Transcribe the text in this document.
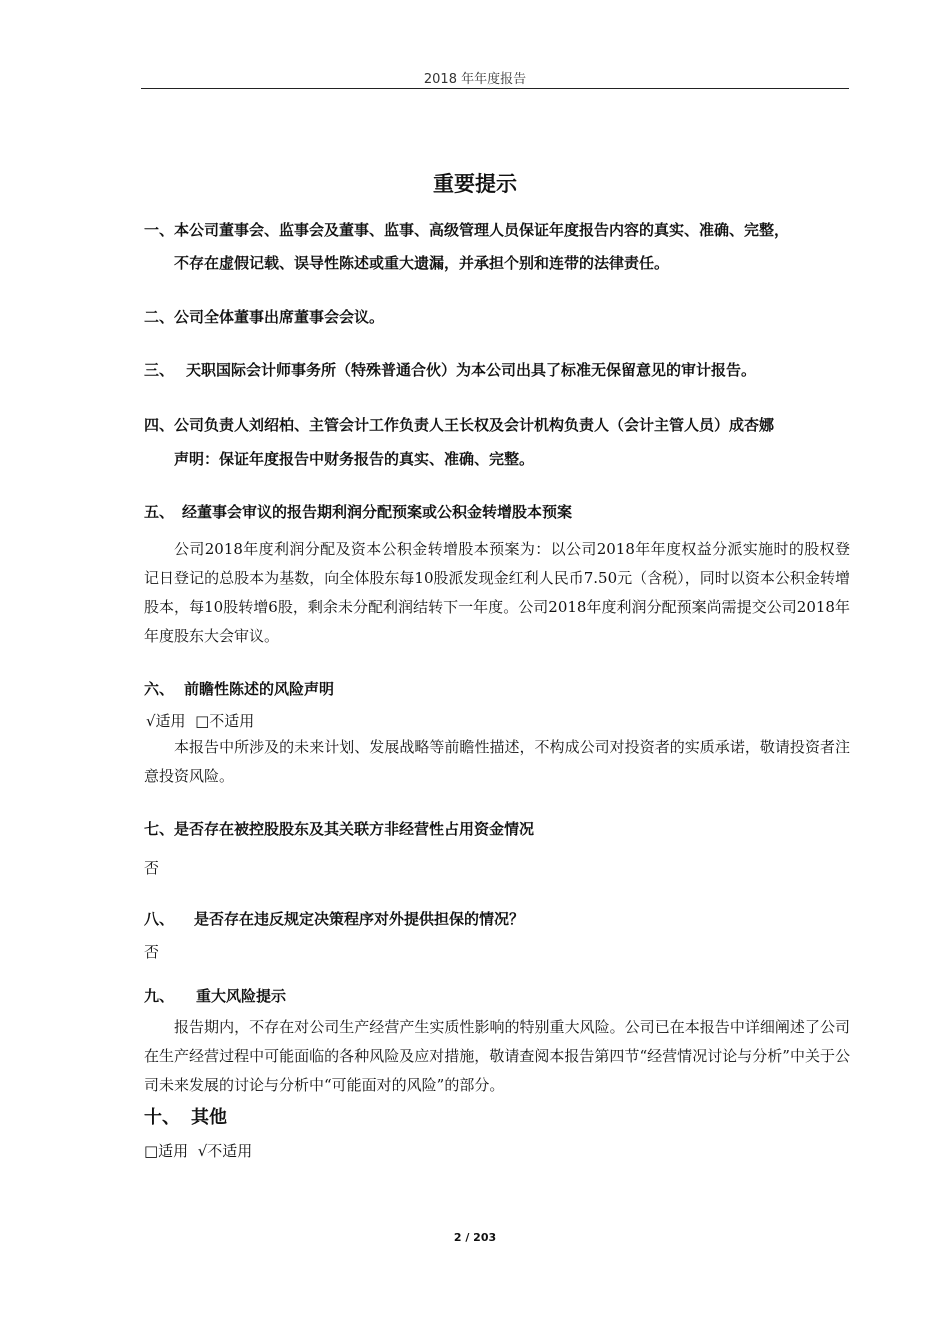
2018 年年度报告
重要提示
一、本公司董事会、监事会及董事、监事、高级管理人员保证年度报告内容的真实、准确、完整，
不存在虚假记载、误导性陈述或重大遗漏，并承担个别和连带的法律责任。
二、公司全体董事出席董事会会议。
三、 天职国际会计师事务所（特殊普通合伙）为本公司出具了标准无保留意见的审计报告。
四、公司负责人刘绍柏、主管会计工作负责人王长权及会计机构负责人（会计主管人员）成杏娜
声明：保证年度报告中财务报告的真实、准确、完整。
五、 经董事会审议的报告期利润分配预案或公积金转增股本预案
公司2018年度利润分配及资本公积金转增股本预案为：以公司2018年年度权益分派实施时的股权登记日登记的总股本为基数，向全体股东每10股派发现金红利人民币7.50元（含税），同时以资本公积金转增股本，每10股转增6股，剩余未分配利润结转下一年度。公司2018年度利润分配预案尚需提交公司2018年年度股东大会审议。
六、 前瞻性陈述的风险声明
√适用  □不适用
本报告中所涉及的未来计划、发展战略等前瞻性描述，不构成公司对投资者的实质承诺，敬请投资者注意投资风险。
七、是否存在被控股股东及其关联方非经营性占用资金情况
否
八、 是否存在违反规定决策程序对外提供担保的情况？
否
九、 重大风险提示
报告期内，不存在对公司生产经营产生实质性影响的特别重大风险。公司已在本报告中详细阐述了公司在生产经营过程中可能面临的各种风险及应对措施，敬请查阅本报告第四节“经营情况讨论与分析”中关于公司未来发展的讨论与分析中“可能面对的风险”的部分。
十、 其他
□适用  √不适用
2 / 203
